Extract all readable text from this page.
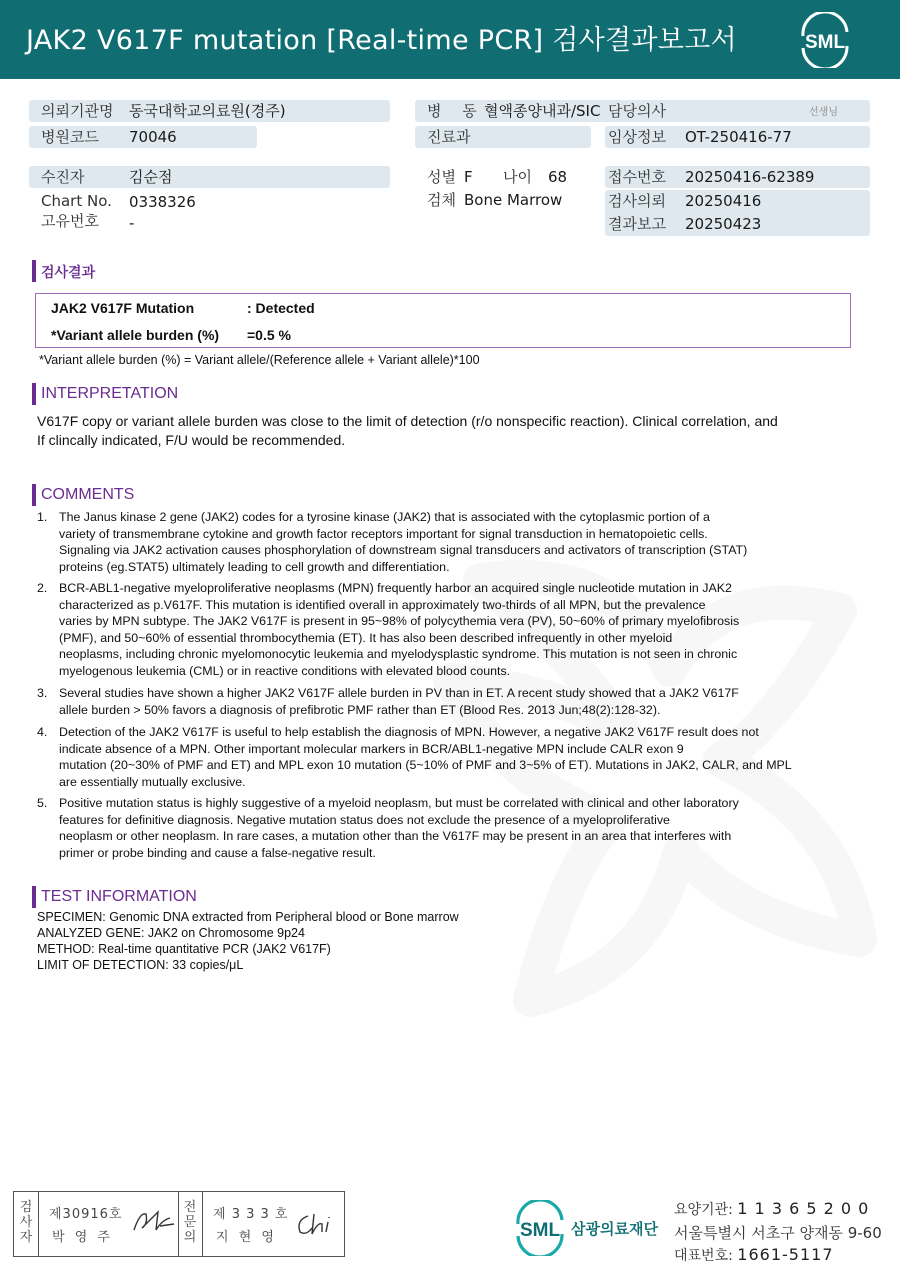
JAK2 V617F mutation [Real-time PCR] 검사결과보고서	SML
의뢰기관명 동국대학교의료원(경주)	병 동 혈액종양내과/SIC 담당의사	선생님
병원코드 70046	진료과	임상정보 OT-250416-77
수진자	김순점
Chart No. 0338326
고유번호 -
성별 F 나이 68
검체 Bone Marrow
접수번호 20250416-62389
검사의뢰 20250416
결과보고 20250423
검사결과
JAK2 V617F Mutation	: Detected
*Variant allele burden (%) =0.5 %
*Variant allele burden (%) = Variant allele/(Reference allele + Variant allele)*100
INTERPRETATION
V617F copy or variant allele burden was close to the limit of detection (r/o nonspecific reaction). Clinical correlation, and
If clincally indicated, F/U would be recommended.
COMMENTS
1. The Janus kinase 2 gene (JAK2) codes for a tyrosine kinase (JAK2) that is associated with the cytoplasmic portion of a
variety of transmembrane cytokine and growth factor receptors important for signal transduction in hematopoietic cells.
Signaling via JAK2 activation causes phosphorylation of downstream signal transducers and activators of transcription (STAT)
proteins (eg.STAT5) ultimately leading to cell growth and differentiation.
2. BCR-ABL1-negative myeloproliferative neoplasms (MPN) frequently harbor an acquired single nucleotide mutation in JAK2
characterized as p.V617F. This mutation is identified overall in approximately two-thirds of all MPN, but the prevalence
varies by MPN subtype. The JAK2 V617F is present in 95~98% of polycythemia vera (PV), 50~60% of primary myelofibrosis
(PMF), and 50~60% of essential thrombocythemia (ET). It has also been described infrequently in other myeloid
neoplasms, including chronic myelomonocytic leukemia and myelodysplastic syndrome. This mutation is not seen in chronic
myelogenous leukemia (CML) or in reactive conditions with elevated blood counts.
3. Several studies have shown a higher JAK2 V617F allele burden in PV than in ET. A recent study showed that a JAK2 V617F
allele burden > 50% favors a diagnosis of prefibrotic PMF rather than ET (Blood Res. 2013 Jun;48(2):128-32).
4. Detection of the JAK2 V617F is useful to help establish the diagnosis of MPN. However, a negative JAK2 V617F result does not
indicate absence of a MPN. Other important molecular markers in BCR/ABL1-negative MPN include CALR exon 9
mutation (20~30% of PMF and ET) and MPL exon 10 mutation (5~10% of PMF and 3~5% of ET). Mutations in JAK2, CALR, and MPL
are essentially mutually exclusive.
5. Positive mutation status is highly suggestive of a myeloid neoplasm, but must be correlated with clinical and other laboratory
features for definitive diagnosis. Negative mutation status does not exclude the presence of a myeloproliferative
neoplasm or other neoplasm. In rare cases, a mutation other than the V617F may be present in an area that interferes with
primer or probe binding and cause a false-negative result.
TEST INFORMATION
SPECIMEN: Genomic DNA extracted from Peripheral blood or Bone marrow
ANALYZED GENE: JAK2 on Chromosome 9p24
METHOD: Real-time quantitative PCR (JAK2 V617F)
LIMIT OF DETECTION: 33 copies/μL
검
사
자
제30916호
박 영 주
전
문
의
제 3 3 3 호
지 현 영	SML 삼광의료재단
요양기관: 1 1 3 6 5 2 0 0
서울특별시 서초구 양재동 9-60
대표번호: 1661-5117
